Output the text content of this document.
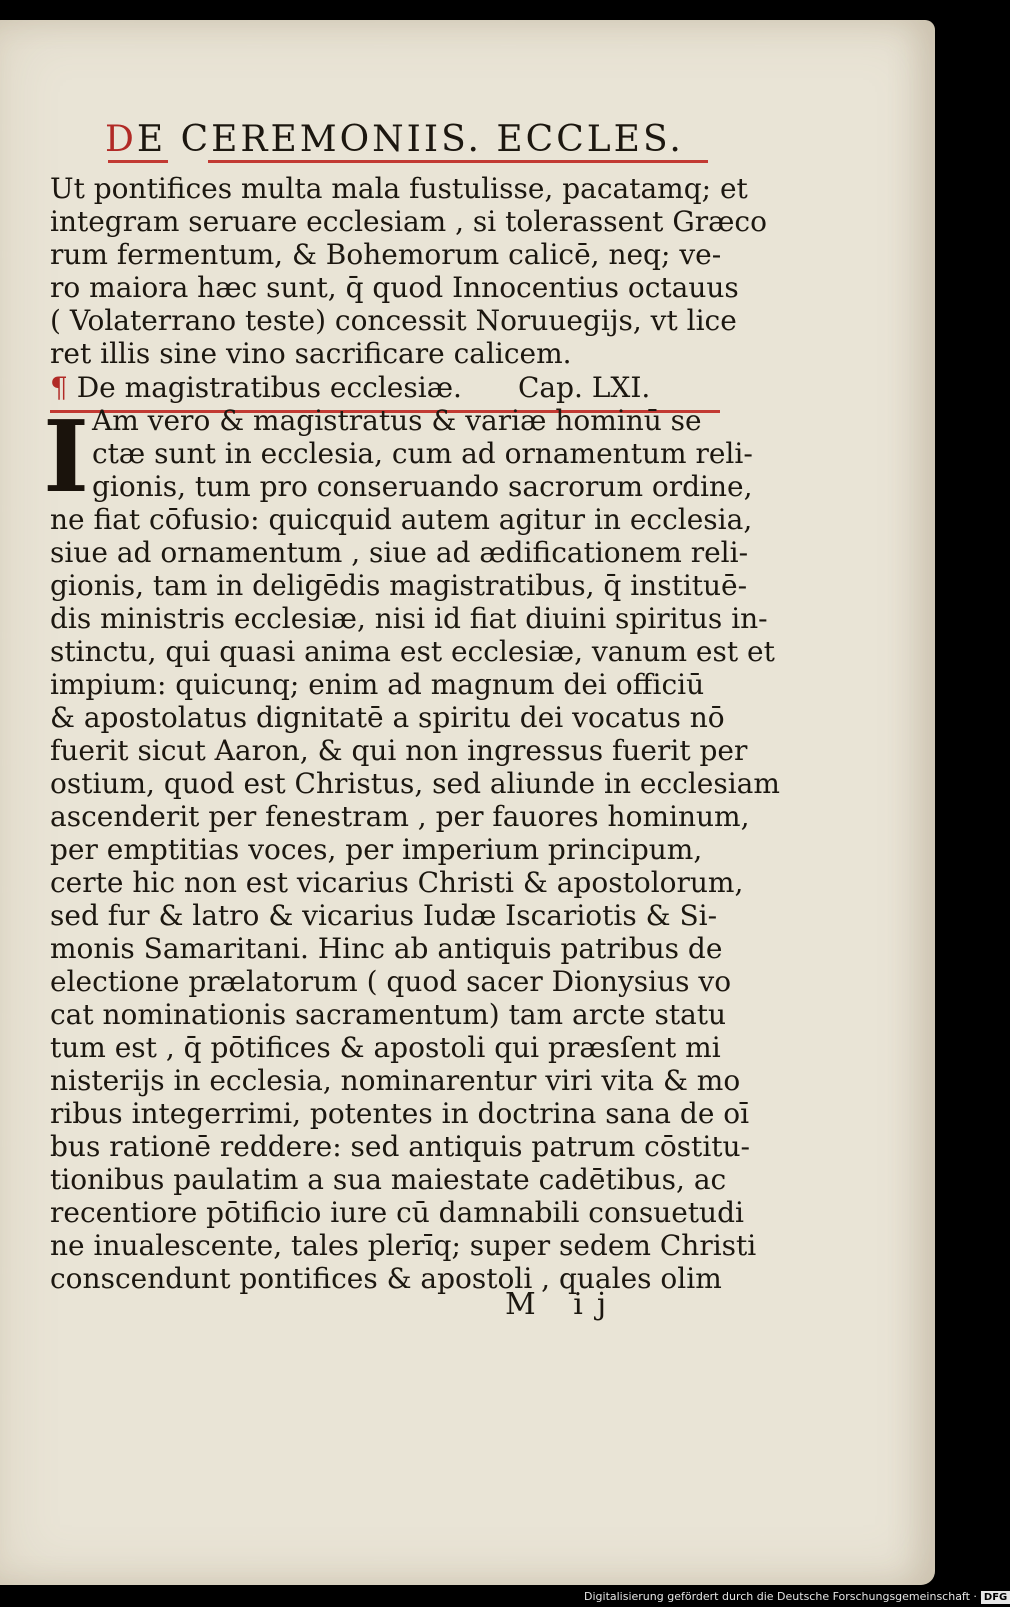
DE CEREMONIIS. ECCLES.
Ut pontifices multa mala fustulisse, pacatamq; et
integram seruare ecclesiam , si tolerassent Græco
rum fermentum, & Bohemorum calicē, neq; ve-
ro maiora hæc sunt, q̄ quod Innocentius octauus
( Volaterrano teste) concessit Noruuegijs, vt lice
ret illis sine vino sacrificare calicem.
¶ De magistratibus ecclesiæ. Cap. LXI.
I Am vero & magistratus & variæ hominū se
ctæ sunt in ecclesia, cum ad ornamentum reli-
gionis, tum pro conseruando sacrorum ordine,
ne fiat cōfusio: quicquid autem agitur in ecclesia,
siue ad ornamentum , siue ad ædificationem reli-
gionis, tam in deligēdis magistratibus, q̄ instituē-
dis ministris ecclesiæ, nisi id fiat diuini spiritus in-
stinctu, qui quasi anima est ecclesiæ, vanum est et
impium: quicunq; enim ad magnum dei officiū
& apostolatus dignitatē a spiritu dei vocatus nō
fuerit sicut Aaron, & qui non ingressus fuerit per
ostium, quod est Christus, sed aliunde in ecclesiam
ascenderit per fenestram , per fauores hominum,
per emptitias voces, per imperium principum,
certe hic non est vicarius Christi & apostolorum,
sed fur & latro & vicarius Iudæ Iscariotis & Si-
monis Samaritani. Hinc ab antiquis patribus de
electione prælatorum ( quod sacer Dionysius vo
cat nominationis sacramentum) tam arcte statu
tum est , q̄ pōtifices & apostoli qui præsſent mi
nisterijs in ecclesia, nominarentur viri vita & mo
ribus integerrimi, potentes in doctrina sana de oī
bus rationē reddere: sed antiquis patrum cōstitu-
tionibus paulatim a sua maiestate cadētibus, ac
recentiore pōtificio iure cū damnabili consuetudi
ne inualescente, tales plerīq; super sedem Christi
conscendunt pontifices & apostoli , quales olim
M ij
Digitalisierung gefördert durch die Deutsche Forschungsgemeinschaft · DFG
